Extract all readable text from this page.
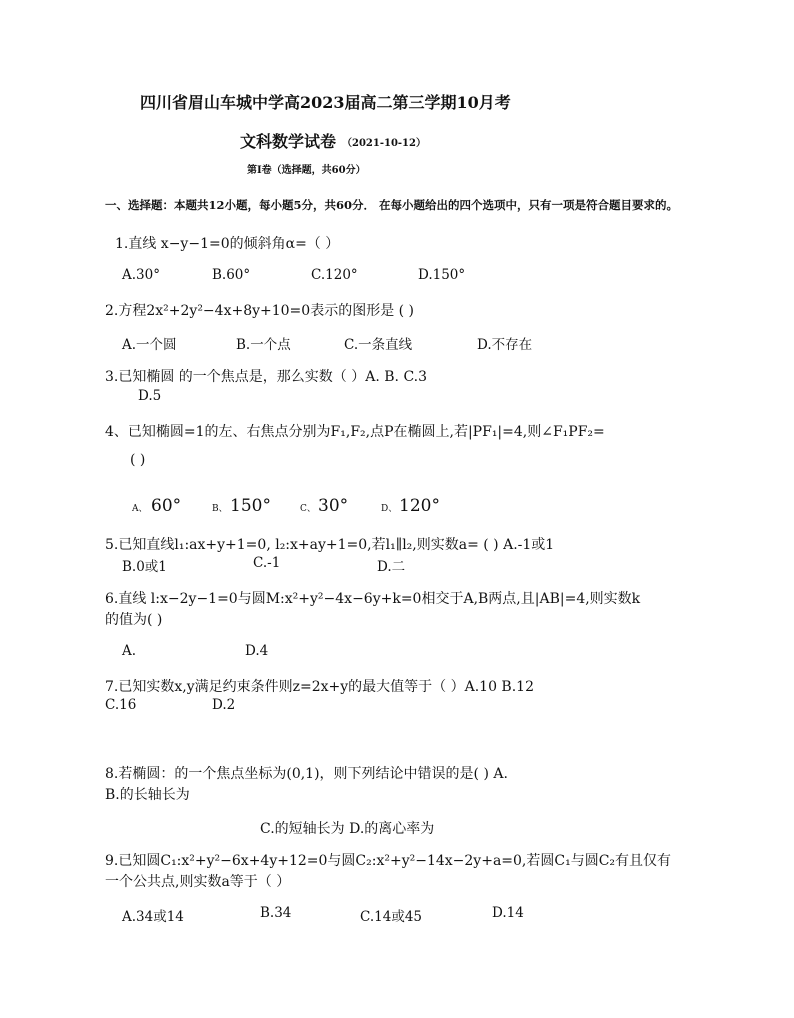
四川省眉山车城中学高2023届高二第三学期10月考
文科数学试卷 （2021-10-12）
第Ⅰ卷（选择题，共60分）
一、选择题：本题共12小题，每小题5分，共60分． 在每小题给出的四个选项中，只有一项是符合题目要求的。
1.直线 x−y−1=0的倾斜角α=（ ）
A.30°	B.60°	C.120°	D.150°
2.方程2x²+2y²−4x+8y+10=0表示的图形是 ( )
A.一个圆	B.一个点	C.一条直线	D.不存在
3.已知椭圆 的一个焦点是，那么实数（ ）A. B. C.3
D.5
4、已知椭圆=1的左、右焦点分别为F₁,F₂,点P在椭圆上,若|PF₁|=4,则∠F₁PF₂=
( )
A、 60°	B、 150°	C、 30°	D、 120°
5.已知直线l₁:ax+y+1=0, l₂:x+ay+1=0,若l₁∥l₂,则实数a= ( ) A.-1或1
B.0或1	C.-1	D.二
6.直线 l:x−2y−1=0与圆M:x²+y²−4x−6y+k=0相交于A,B两点,且|AB|=4,则实数k
的值为( )
A.	D.4
7.已知实数x,y满足约束条件则z=2x+y的最大值等于（ ）A.10 B.12
C.16	D.2
8.若椭圆：的一个焦点坐标为(0,1)，则下列结论中错误的是( ) A.
B.的长轴长为
C.的短轴长为 D.的离心率为
9.已知圆C₁:x²+y²−6x+4y+12=0与圆C₂:x²+y²−14x−2y+a=0,若圆C₁与圆C₂有且仅有
一个公共点,则实数a等于（ ）
A.34或14	B.34	C.14或45	D.14
